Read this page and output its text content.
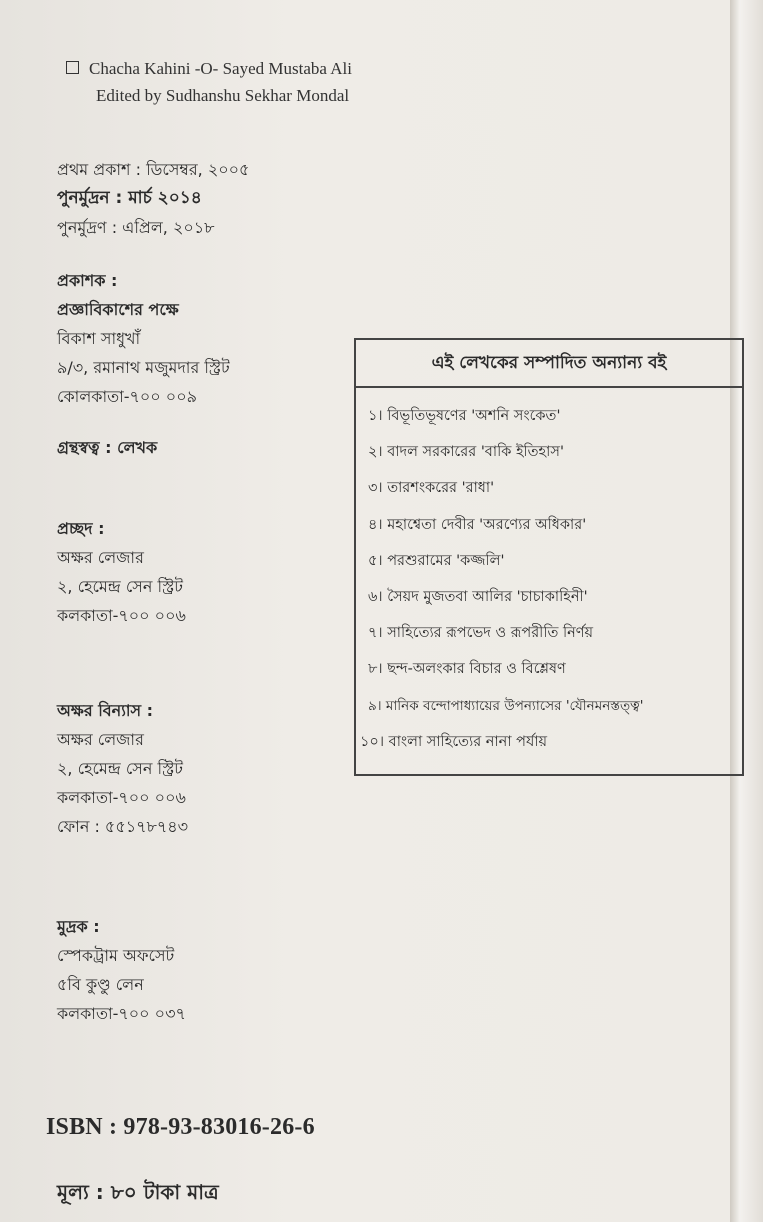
Chacha Kahini -O- Sayed Mustaba Ali

Edited by Sudhanshu Sekhar Mondal

প্রথম প্রকাশ : ডিসেম্বর, ২০০৫

পুনর্মুদ্রন : মার্চ ২০১৪

পুনর্মুদ্রণ : এপ্রিল, ২০১৮

প্রকাশক :

প্রজ্ঞাবিকাশের পক্ষে

বিকাশ সাধুখাঁ

৯/৩, রমানাথ মজুমদার স্ট্রিট

কোলকাতা-৭০০ ০০৯

গ্রন্থস্বত্ব : লেখক

প্রচ্ছদ :

অক্ষর লেজার

২, হেমেন্দ্র সেন স্ট্রিট

কলকাতা-৭০০ ০০৬

অক্ষর বিন্যাস :

অক্ষর লেজার

২, হেমেন্দ্র সেন স্ট্রিট

কলকাতা-৭০০ ০০৬

ফোন : ৫৫১৭৮৭৪৩

মুদ্রক :

স্পেকট্রাম অফসেট

৫বি কুণ্ডু লেন

কলকাতা-৭০০ ০৩৭

ISBN : 978-93-83016-26-6
মূল্য : ৮০ টাকা মাত্র
এই লেখকের সম্পাদিত অন্যান্য বই
১। বিভূতিভূষণের 'অশনি সংকেত'
২। বাদল সরকারের 'বাকি ইতিহাস'
৩। তারশংকরের 'রাধা'
৪। মহাশ্বেতা দেবীর 'অরণ্যের অধিকার'
৫। পরশুরামের 'কজ্জলি'
৬। সৈয়দ মুজতবা আলির 'চাচাকাহিনী'
৭। সাহিত্যের রূপভেদ ও রূপরীতি নির্ণয়
৮। ছন্দ-অলংকার বিচার ও বিশ্লেষণ
৯। মানিক বন্দোপাধ্যায়ের উপন্যাসের 'যৌনমনস্তত্ত্ব'
১০। বাংলা সাহিত্যের নানা পর্যায়
